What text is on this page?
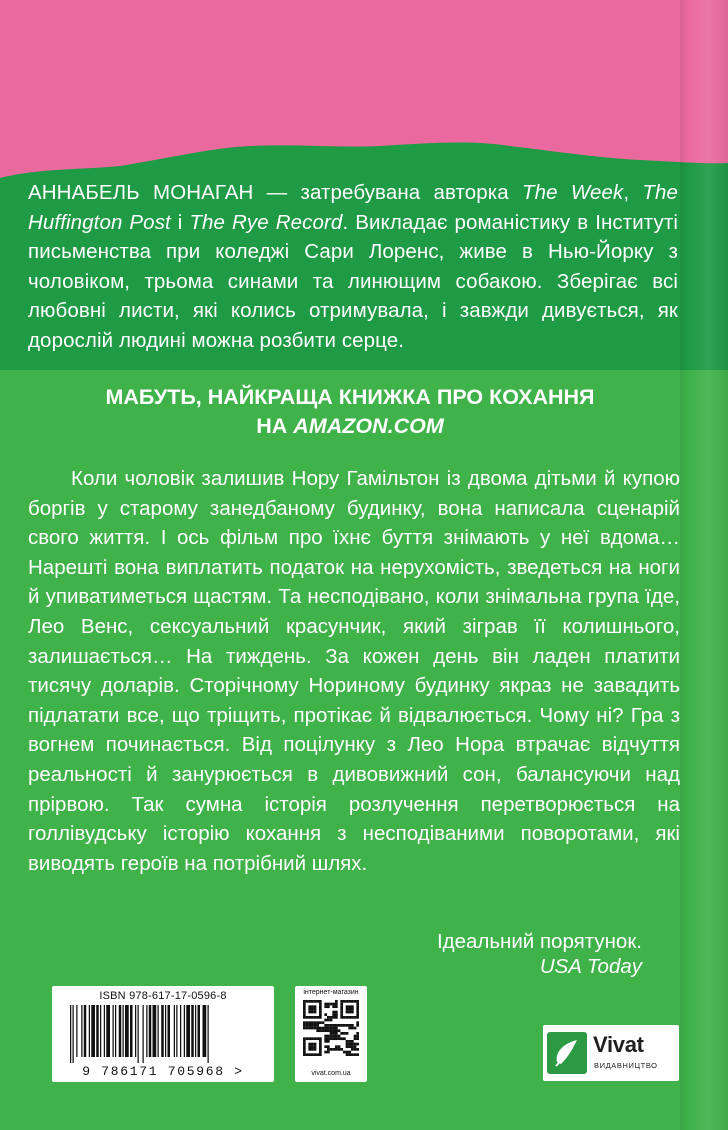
АННАБЕЛЬ МОНАГАН — затребувана авторка The Week, The Huffington Post і The Rye Record. Викладає романістику в Інституті письменства при коледжі Сари Лоренс, живе в Нью-Йорку з чоловіком, трьома синами та линющим собакою. Зберігає всі любовні листи, які колись отримувала, і завжди дивується, як дорослій людині можна розбити серце.
МАБУТЬ, НАЙКРАЩА КНИЖКА ПРО КОХАННЯ
НА AMAZON.COM
Коли чоловік залишив Нору Гамільтон із двома дітьми й купою боргів у старому занедбаному будинку, вона написала сценарій свого життя. І ось фільм про їхнє буття знімають у неї вдома… Нарешті вона виплатить податок на нерухомість, зведеться на ноги й упиватиметься щастям. Та несподівано, коли знімальна група їде, Лео Венс, сексуальний красунчик, який зіграв її колишнього, залишається… На тиждень. За кожен день він ладен платити тисячу доларів. Сторічному Нориному будинку якраз не завадить підлатати все, що тріщить, протікає й відвалюється. Чому ні? Гра з вогнем починається. Від поцілунку з Лео Нора втрачає відчуття реальності й занурюється в дивовижний сон, балансуючи над прірвою. Так сумна історія розлучення перетворюється на голлівудську історію кохання з несподіваними поворотами, які виводять героїв на потрібний шлях.
Ідеальний порятунок.
USA Today
ISBN 978-617-17-0596-8
9 786171 705968 >
інтернет-магазин
vivat.com.ua
Vivat
ВИДАВНИЦТВО
